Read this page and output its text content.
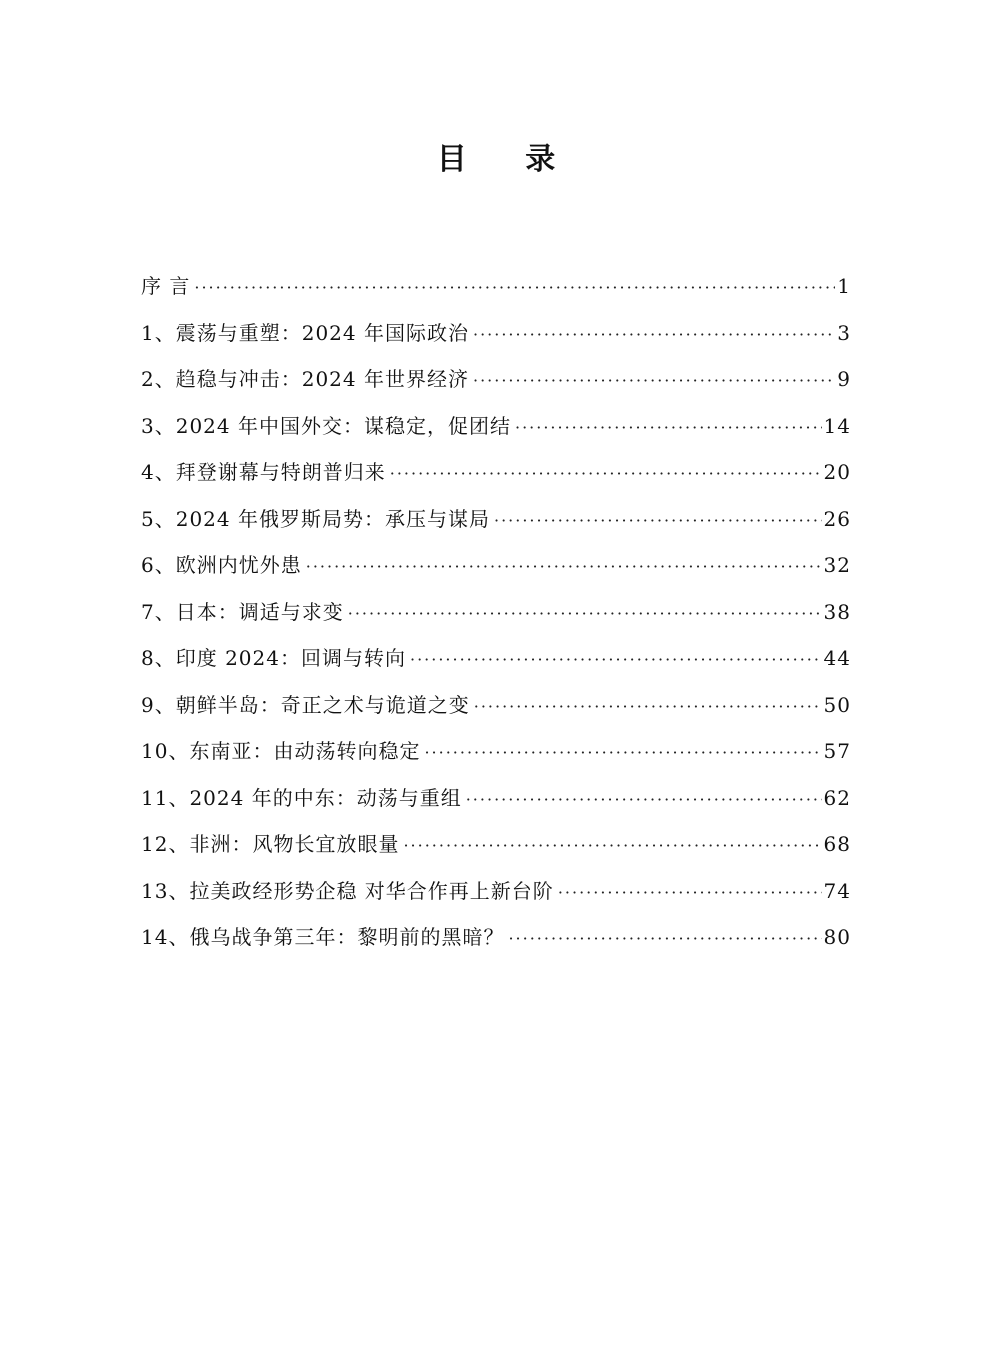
目 录
序 言 ·····	1
1、震荡与重塑：2024 年国际政治 ·····	3
2、趋稳与冲击：2024 年世界经济 ·····	9
3、2024 年中国外交：谋稳定，促团结 ·····	14
4、拜登谢幕与特朗普归来 ·····	20
5、2024 年俄罗斯局势：承压与谋局 ·····	26
6、欧洲内忧外患 ·····	32
7、日本：调适与求变 ·····	38
8、印度 2024：回调与转向 ·····	44
9、朝鲜半岛：奇正之术与诡道之变 ·····	50
10、东南亚：由动荡转向稳定 ·····	57
11、2024 年的中东：动荡与重组 ·····	62
12、非洲：风物长宜放眼量 ·····	68
13、拉美政经形势企稳 对华合作再上新台阶 ·····	74
14、俄乌战争第三年：黎明前的黑暗？ ·····	80
